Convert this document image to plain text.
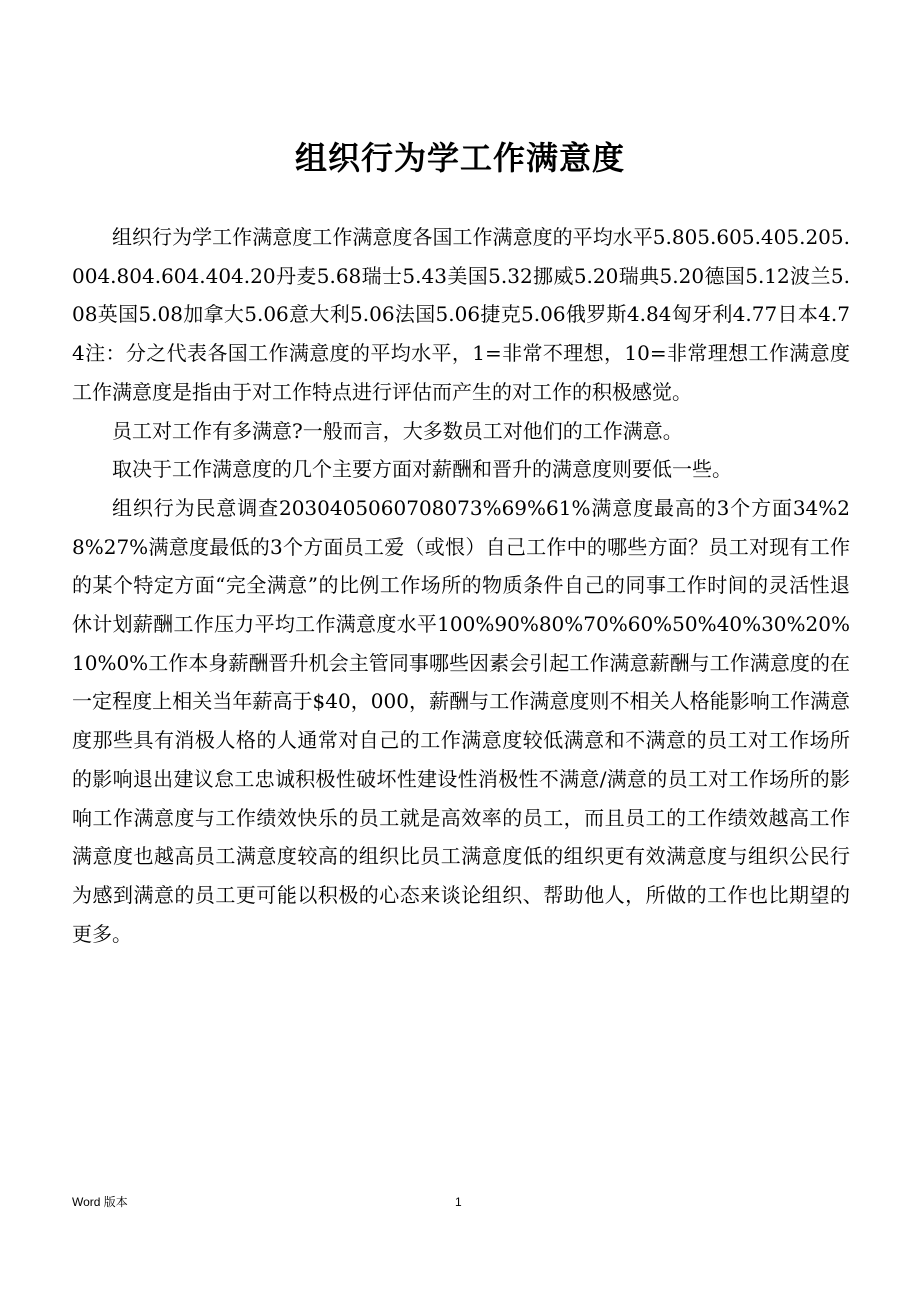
组织行为学工作满意度

组织行为学工作满意度工作满意度各国工作满意度的平均水平5.805.605.405.205.004.804.604.404.20丹麦5.68瑞士5.43美国5.32挪威5.20瑞典5.20德国5.12波兰5.08英国5.08加拿大5.06意大利5.06法国5.06捷克5.06俄罗斯4.84匈牙利4.77日本4.74注：分之代表各国工作满意度的平均水平，1=非常不理想，10=非常理想工作满意度工作满意度是指由于对工作特点进行评估而产生的对工作的积极感觉。

员工对工作有多满意?一般而言，大多数员工对他们的工作满意。

取决于工作满意度的几个主要方面对薪酬和晋升的满意度则要低一些。

组织行为民意调查2030405060708073%69%61%满意度最高的3个方面34%28%27%满意度最低的3个方面员工爱（或恨）自己工作中的哪些方面？员工对现有工作的某个特定方面“完全满意”的比例工作场所的物质条件自己的同事工作时间的灵活性退休计划薪酬工作压力平均工作满意度水平100%90%80%70%60%50%40%30%20%10%0%工作本身薪酬晋升机会主管同事哪些因素会引起工作满意薪酬与工作满意度的在一定程度上相关当年薪高于$40，000，薪酬与工作满意度则不相关人格能影响工作满意度那些具有消极人格的人通常对自己的工作满意度较低满意和不满意的员工对工作场所的影响退出建议怠工忠诚积极性破坏性建设性消极性不满意/满意的员工对工作场所的影响工作满意度与工作绩效快乐的员工就是高效率的员工，而且员工的工作绩效越高工作满意度也越高员工满意度较高的组织比员工满意度低的组织更有效满意度与组织公民行为感到满意的员工更可能以积极的心态来谈论组织、帮助他人，所做的工作也比期望的更多。

Word 版本	1
